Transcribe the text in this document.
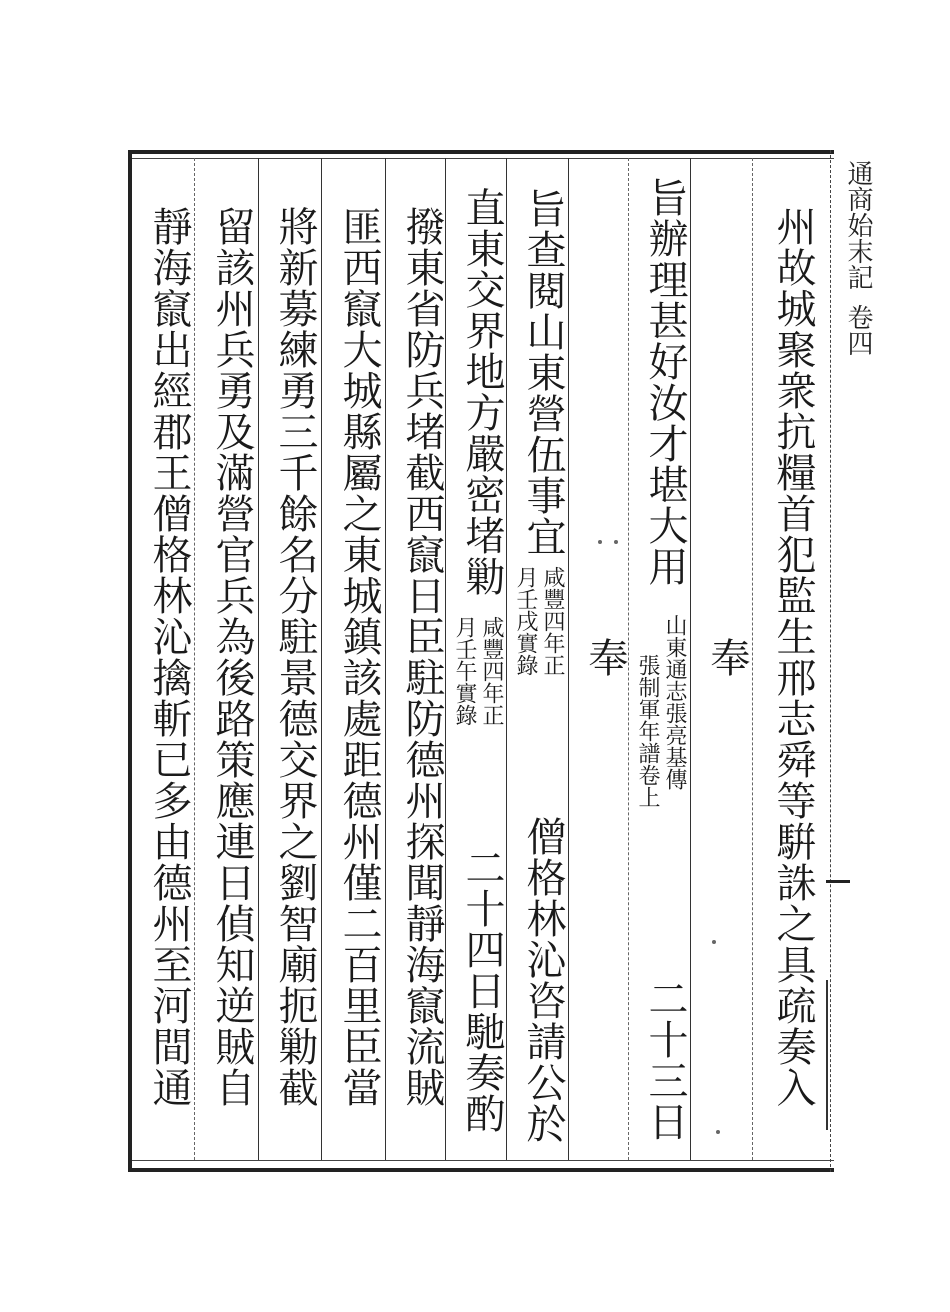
通商始末記卷四
州故城聚衆抗糧首犯監生邢志舜等騈誅之具疏奏入
奉
旨辦理甚好汝才堪大用
山東通志張亮基傳
張制軍年譜卷上
二十三日
奉
旨查閱山東營伍事宜
咸豐四年正
月壬戌實錄
僧格林沁咨請公於
直東交界地方嚴密堵勦
咸豐四年正
月壬午實錄
二十四日馳奏酌
撥東省防兵堵截西竄日臣駐防德州探聞靜海竄流賊
匪西竄大城縣屬之東城鎮該處距德州僅二百里臣當
將新募練勇三千餘名分駐景德交界之劉智廟扼勦截
留該州兵勇及滿營官兵為後路策應連日偵知逆賊自
靜海竄出經郡王僧格林沁擒斬已多由德州至河間通
